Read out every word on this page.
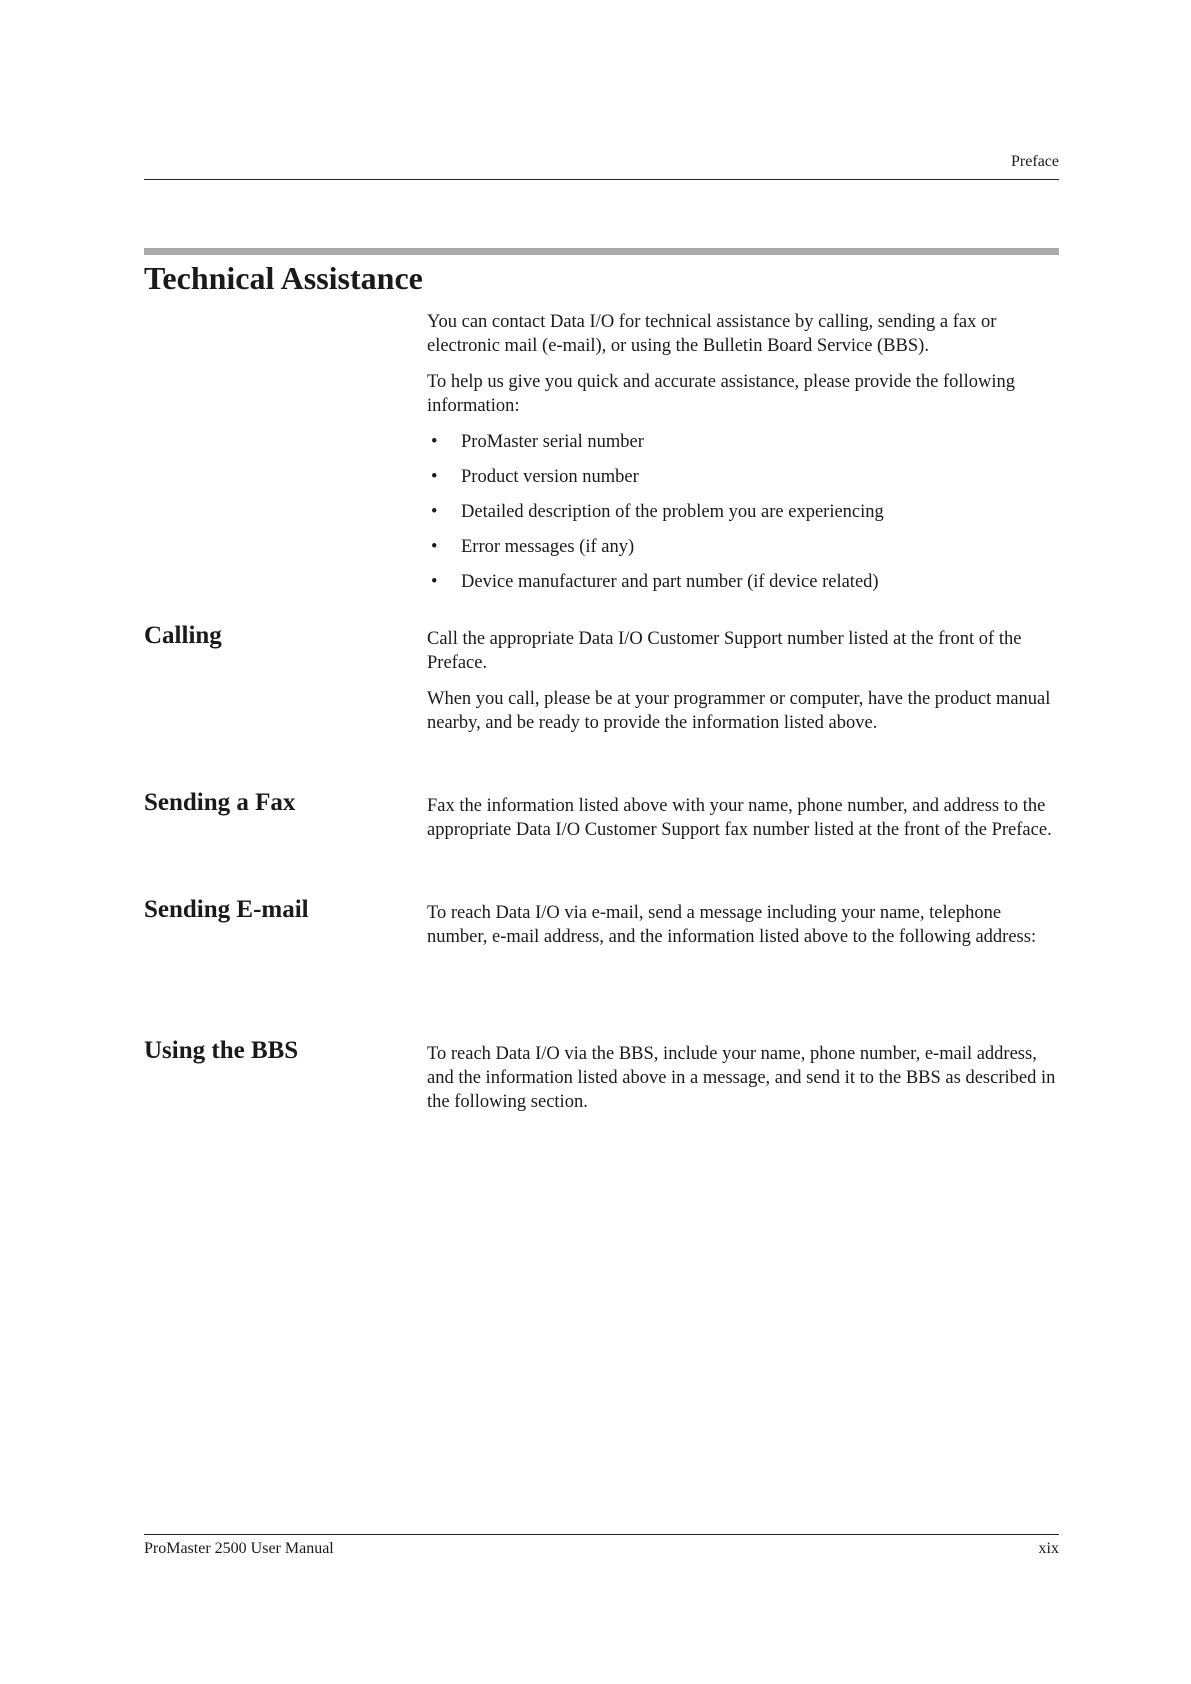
Preface
Technical Assistance

You can contact Data I/O for technical assistance by calling, sending a fax or electronic mail (e-mail), or using the Bulletin Board Service (BBS).

To help us give you quick and accurate assistance, please provide the following information:

• ProMaster serial number
• Product version number
• Detailed description of the problem you are experiencing
• Error messages (if any)
• Device manufacturer and part number (if device related)
Calling	Call the appropriate Data I/O Customer Support number listed at the front of the Preface.

When you call, please be at your programmer or computer, have the product manual nearby, and be ready to provide the information listed above.

Sending a Fax	Fax the information listed above with your name, phone number, and address to the appropriate Data I/O Customer Support fax number listed at the front of the Preface.

Sending E-mail	To reach Data I/O via e-mail, send a message including your name, telephone number, e-mail address, and the information listed above to the following address:

Using the BBS	To reach Data I/O via the BBS, include your name, phone number, e-mail address, and the information listed above in a message, and send it to the BBS as described in the following section.

ProMaster 2500 User Manual	xix
